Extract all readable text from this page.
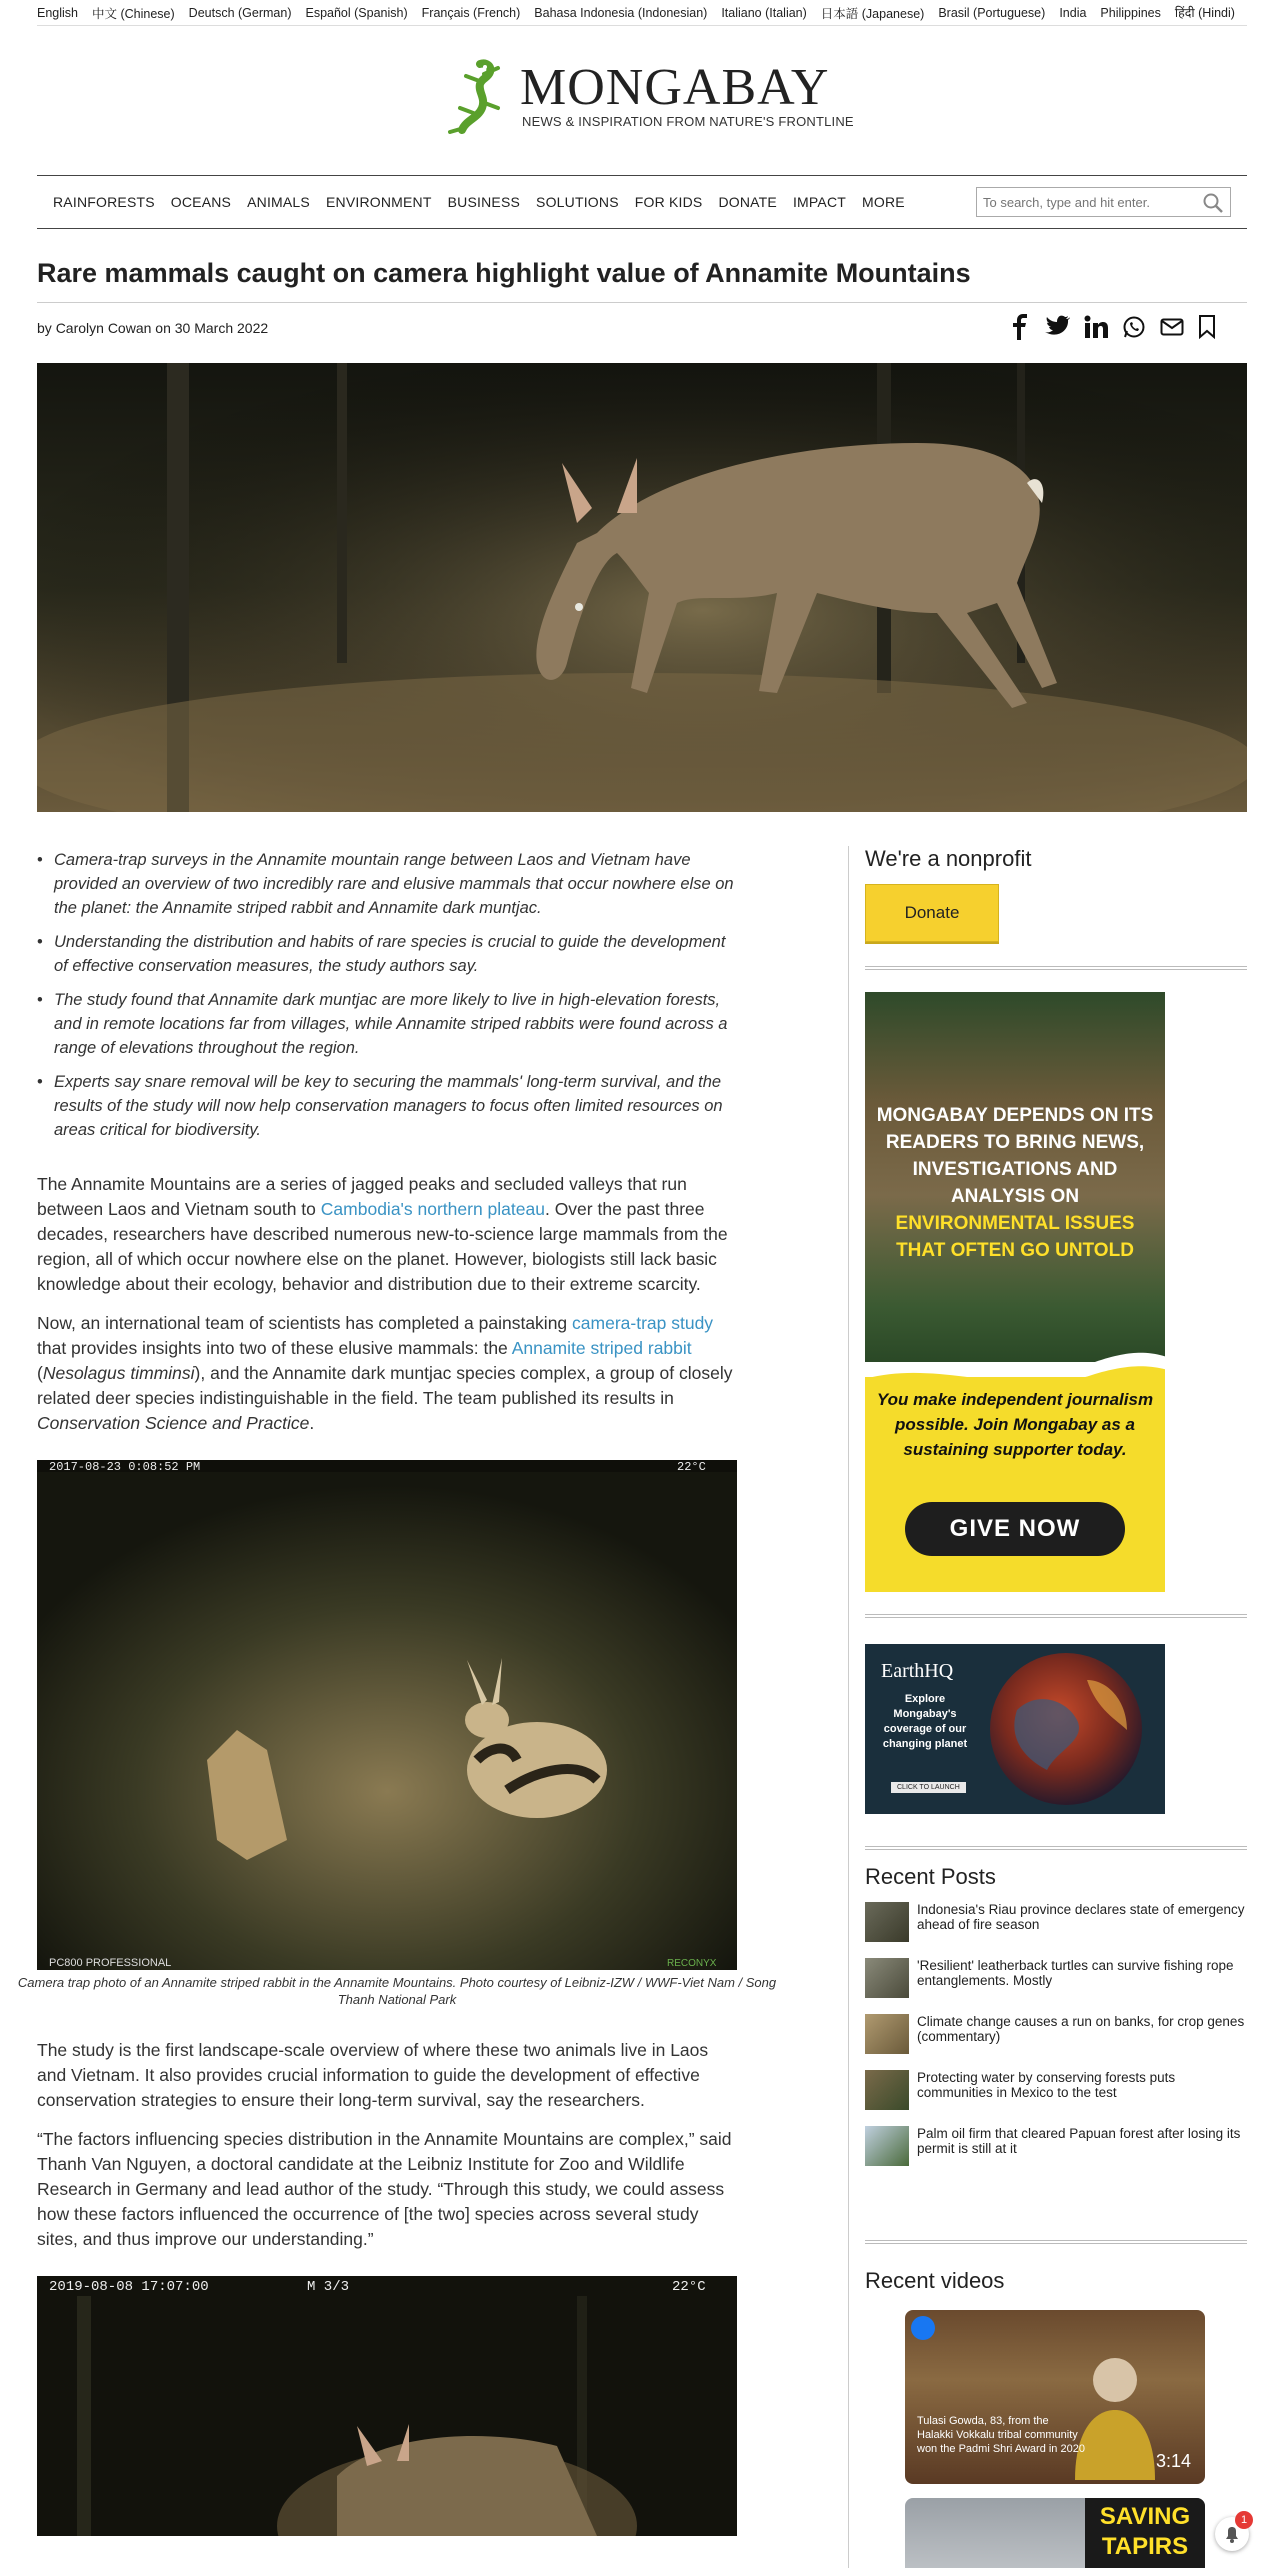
English 中文 (Chinese) Deutsch (German) Español (Spanish) Français (French) Bahasa Indonesia (Indonesian) Italiano (Italian) 日本語 (Japanese) Brasil (Portuguese) India Philippines हिंदी (Hindi)
MONGABAY
NEWS & INSPIRATION FROM NATURE'S FRONTLINE
RAINFORESTS OCEANS ANIMALS ENVIRONMENT BUSINESS SOLUTIONS FOR KIDS DONATE IMPACT MORE
To search, type and hit enter.
Rare mammals caught on camera highlight value of Annamite Mountains
by Carolyn Cowan on 30 March 2022
• Camera-trap surveys in the Annamite mountain range between Laos and Vietnam have provided an overview of two incredibly rare and elusive mammals that occur nowhere else on the planet: the Annamite striped rabbit and Annamite dark muntjac.
• Understanding the distribution and habits of rare species is crucial to guide the development of effective conservation measures, the study authors say.
• The study found that Annamite dark muntjac are more likely to live in high-elevation forests, and in remote locations far from villages, while Annamite striped rabbits were found across a range of elevations throughout the region.
• Experts say snare removal will be key to securing the mammals' long-term survival, and the results of the study will now help conservation managers to focus often limited resources on areas critical for biodiversity.

The Annamite Mountains are a series of jagged peaks and secluded valleys that run between Laos and Vietnam south to Cambodia's northern plateau. Over the past three decades, researchers have described numerous new-to-science large mammals from the region, all of which occur nowhere else on the planet. However, biologists still lack basic knowledge about their ecology, behavior and distribution due to their extreme scarcity.

Now, an international team of scientists has completed a painstaking camera-trap study that provides insights into two of these elusive mammals: the Annamite striped rabbit (Nesolagus timminsi), and the Annamite dark muntjac species complex, a group of closely related deer species indistinguishable in the field. The team published its results in Conservation Science and Practice.

2017-08-23 0:08:52 PM	22°C
PC800 PROFESSIONAL	RECONYX

Camera trap photo of an Annamite striped rabbit in the Annamite Mountains. Photo courtesy of Leibniz-IZW / WWF-Viet Nam / Song Thanh National Park

The study is the first landscape-scale overview of where these two animals live in Laos and Vietnam. It also provides crucial information to guide the development of effective conservation strategies to ensure their long-term survival, say the researchers.

“The factors influencing species distribution in the Annamite Mountains are complex,” said Thanh Van Nguyen, a doctoral candidate at the Leibniz Institute for Zoo and Wildlife Research in Germany and lead author of the study. “Through this study, we could assess how these factors influenced the occurrence of [the two] species across several study sites, and thus improve our understanding.”

2019-08-08 17:07:00	M 3/3	22°C
We're a nonprofit
Donate
MONGABAY DEPENDS ON ITS READERS TO BRING NEWS, INVESTIGATIONS AND ANALYSIS ON ENVIRONMENTAL ISSUES THAT OFTEN GO UNTOLD
You make independent journalism possible. Join Mongabay as a sustaining supporter today.
GIVE NOW
EarthHQ
Explore Mongabay's coverage of our changing planet
CLICK TO LAUNCH
Recent Posts
Indonesia's Riau province declares state of emergency ahead of fire season
'Resilient' leatherback turtles can survive fishing rope entanglements. Mostly
Climate change causes a run on banks, for crop genes (commentary)
Protecting water by conserving forests puts communities in Mexico to the test
Palm oil firm that cleared Papuan forest after losing its permit is still at it
Recent videos
Tulasi Gowda, 83, from the Halakki Vokkalu tribal community won the Padmi Shri Award in 2020
3:14
SAVING TAPIRS
1
